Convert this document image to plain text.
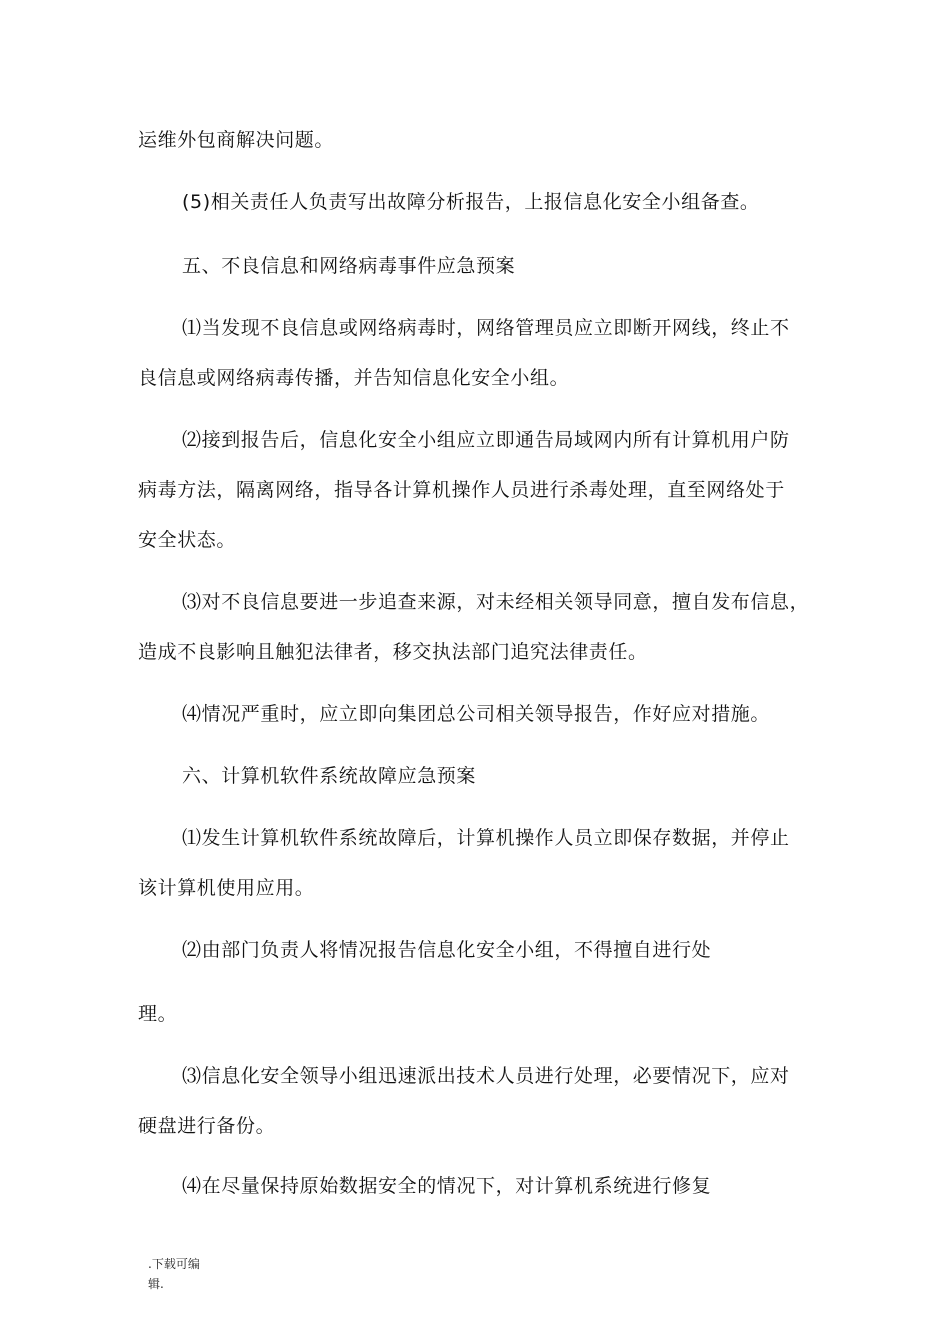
运维外包商解决问题。
(5)相关责任人负责写出故障分析报告，上报信息化安全小组备查。
五、不良信息和网络病毒事件应急预案
⑴当发现不良信息或网络病毒时，网络管理员应立即断开网线，终止不
良信息或网络病毒传播，并告知信息化安全小组。
⑵接到报告后，信息化安全小组应立即通告局域网内所有计算机用户防
病毒方法，隔离网络，指导各计算机操作人员进行杀毒处理，直至网络处于
安全状态。
⑶对不良信息要进一步追查来源，对未经相关领导同意，擅自发布信息，
造成不良影响且触犯法律者，移交执法部门追究法律责任。
⑷情况严重时，应立即向集团总公司相关领导报告，作好应对措施。
六、计算机软件系统故障应急预案
⑴发生计算机软件系统故障后，计算机操作人员立即保存数据，并停止
该计算机使用应用。
⑵由部门负责人将情况报告信息化安全小组，不得擅自进行处
理。
⑶信息化安全领导小组迅速派出技术人员进行处理，必要情况下，应对
硬盘进行备份。
⑷在尽量保持原始数据安全的情况下，对计算机系统进行修复
.下载可编
辑.
